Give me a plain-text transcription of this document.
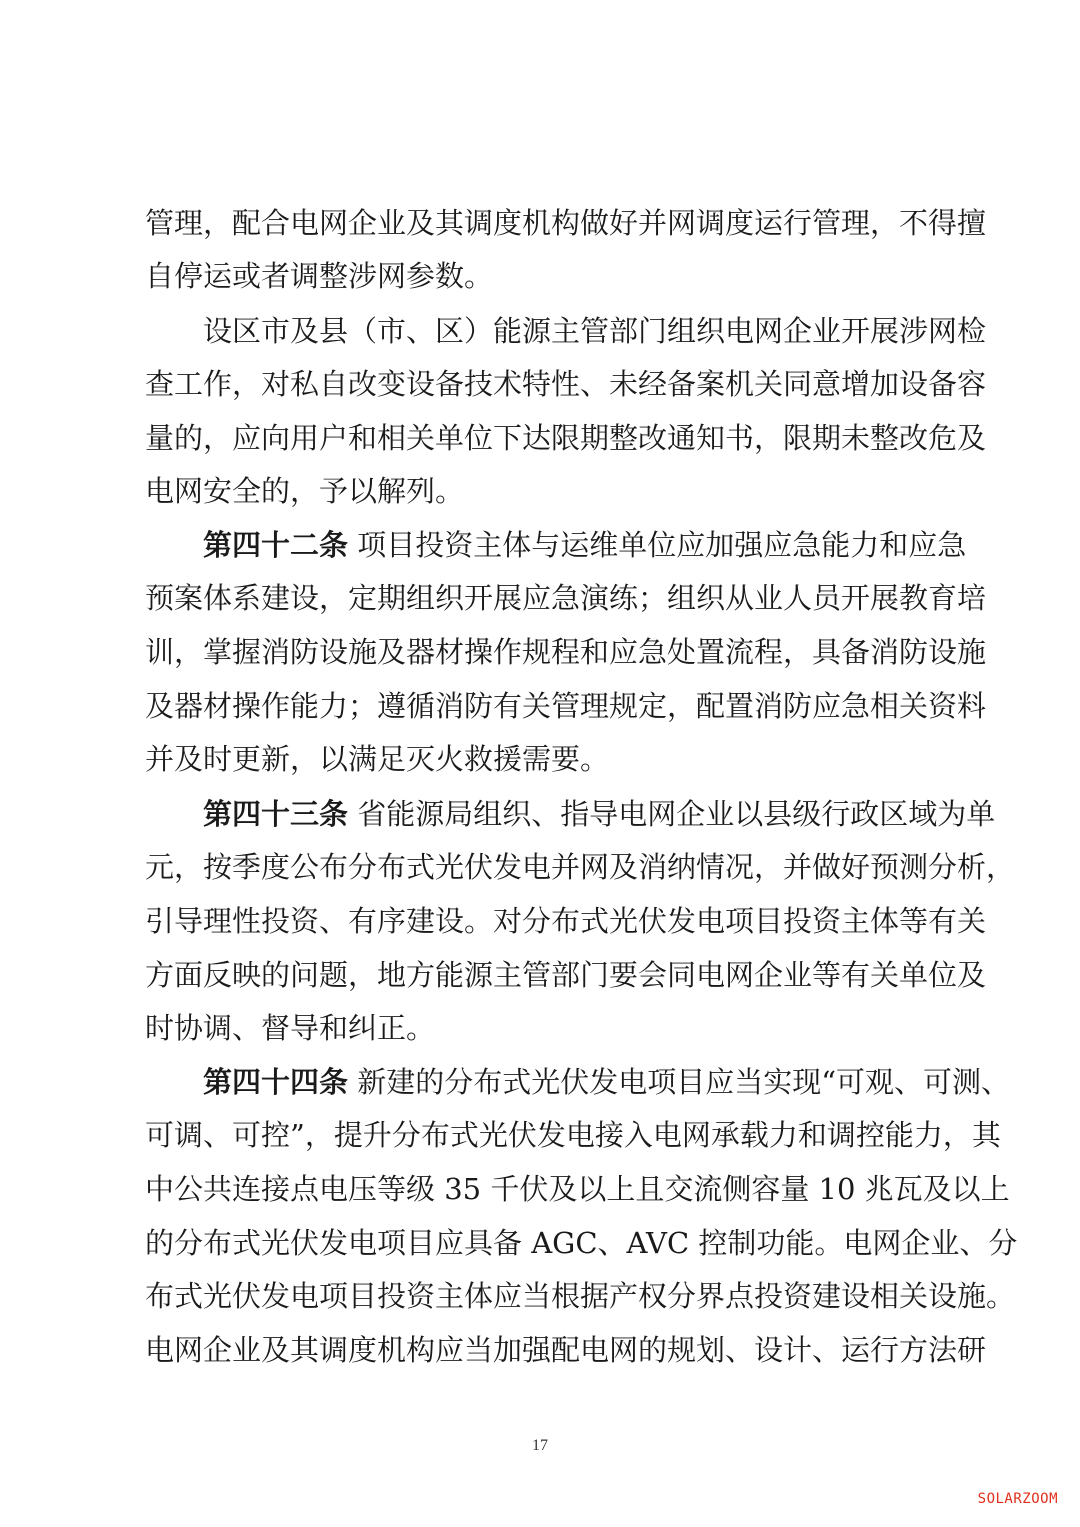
管理，配合电网企业及其调度机构做好并网调度运行管理，不得擅
自停运或者调整涉网参数。
设区市及县（市、区）能源主管部门组织电网企业开展涉网检
查工作，对私自改变设备技术特性、未经备案机关同意增加设备容
量的，应向用户和相关单位下达限期整改通知书，限期未整改危及
电网安全的，予以解列。
第四十二条 项目投资主体与运维单位应加强应急能力和应急
预案体系建设，定期组织开展应急演练；组织从业人员开展教育培
训，掌握消防设施及器材操作规程和应急处置流程，具备消防设施
及器材操作能力；遵循消防有关管理规定，配置消防应急相关资料
并及时更新，以满足灭火救援需要。
第四十三条 省能源局组织、指导电网企业以县级行政区域为单
元，按季度公布分布式光伏发电并网及消纳情况，并做好预测分析，
引导理性投资、有序建设。对分布式光伏发电项目投资主体等有关
方面反映的问题，地方能源主管部门要会同电网企业等有关单位及
时协调、督导和纠正。
第四十四条 新建的分布式光伏发电项目应当实现“可观、可测、
可调、可控”，提升分布式光伏发电接入电网承载力和调控能力，其
中公共连接点电压等级 35 千伏及以上且交流侧容量 10 兆瓦及以上
的分布式光伏发电项目应具备 AGC、AVC 控制功能。电网企业、分
布式光伏发电项目投资主体应当根据产权分界点投资建设相关设施。
电网企业及其调度机构应当加强配电网的规划、设计、运行方法研
17
SOLARZOOM
